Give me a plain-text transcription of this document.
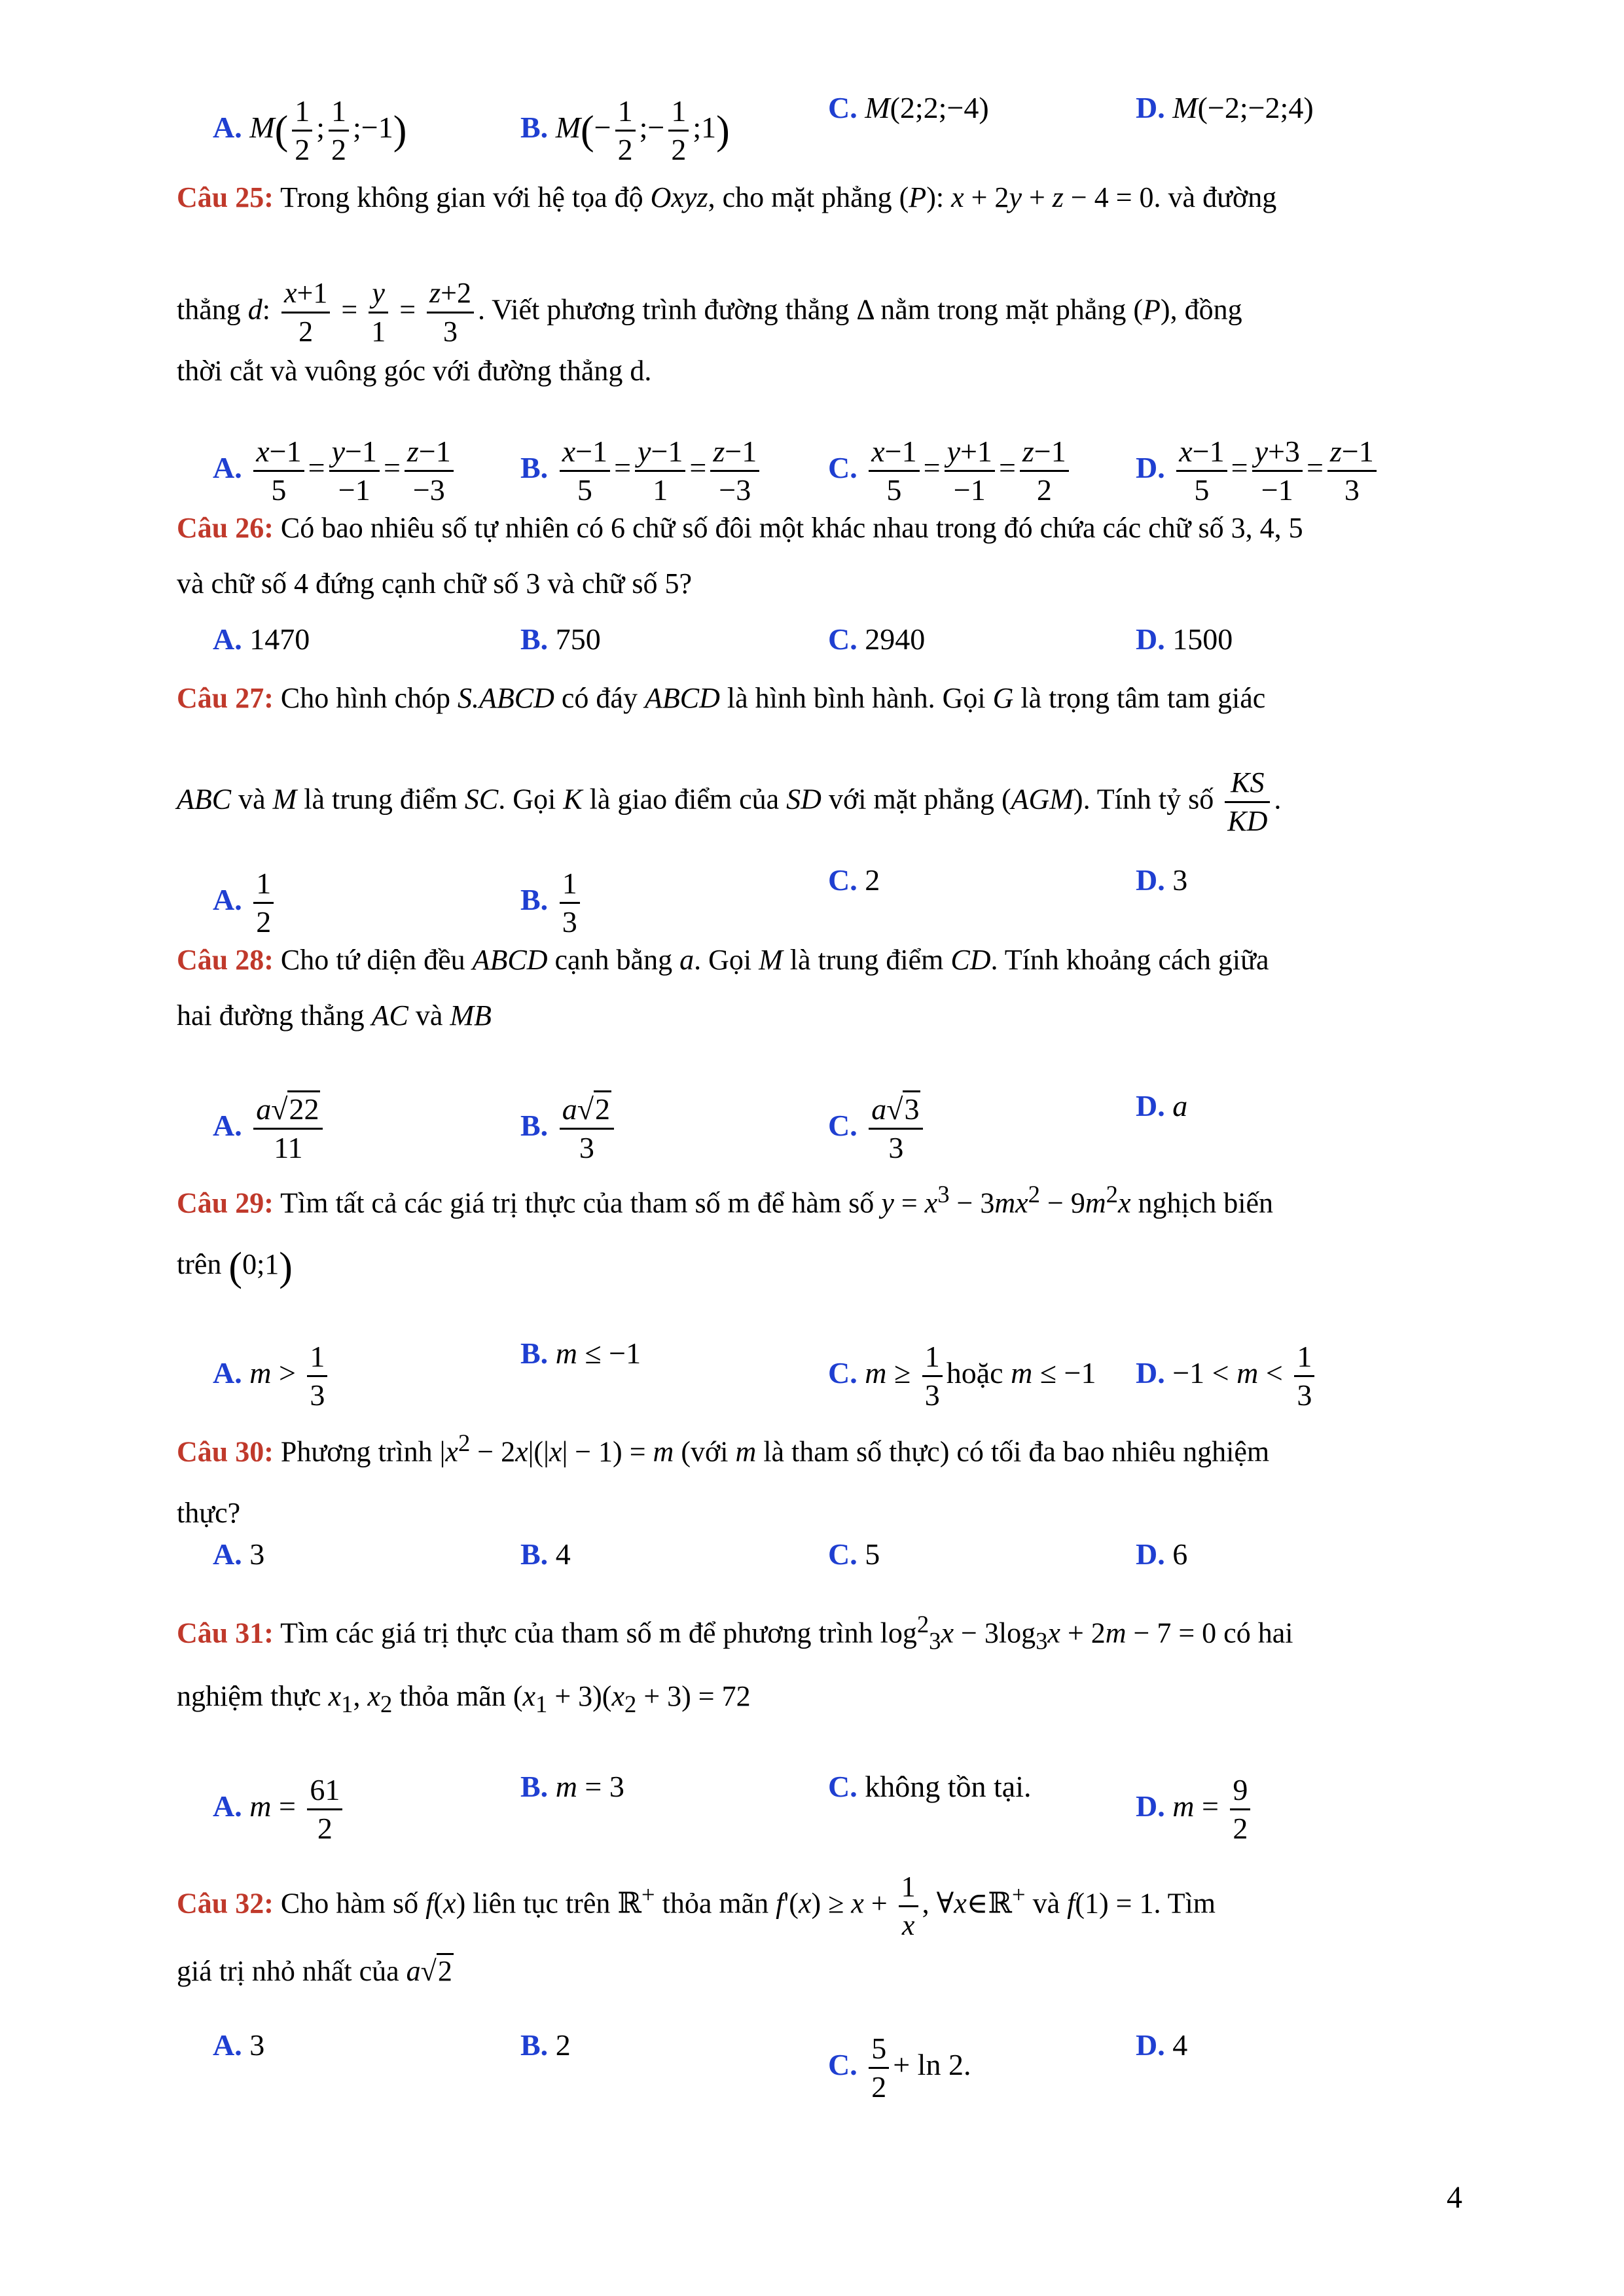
A. $M( \frac{1}{2}$ ; $\frac{1}{2}$ ;−1)	B. $M(- \frac{1}{2}$ ;− $\frac{1}{2}$ ;1)
C. M(2;2;−4)	D. M(−2;−2;4)
Câu 25: Trong không gian với hệ tọa độ Oxyz, cho mặt phẳng (P): x + 2y + z − 4 = 0. và đường
thẳng d: $\frac{x+1}{2} = \frac{y}{1} = \frac{z+2}{3}$ . Viết phương trình đường thẳng Δ nằm trong mặt phẳng (P), đồng
thời cắt và vuông góc với đường thẳng d.
A. $\frac{x-1}{5} = \frac{y-1}{-1} = \frac{z-1}{-3} B$. $\frac{x-1}{5} = \frac{y-1}{1} = \frac{z-1}{-3} C$. $\frac{x-1}{5} = \frac{y+1}{-1} = \frac{z-1}{2} D$. $\frac{x-1}{5} = \frac{y+3}{-1} = \frac{z-1}{3}$
Câu 26: Có bao nhiêu số tự nhiên có 6 chữ số đôi một khác nhau trong đó chứa các chữ số 3, 4, 5
và chữ số 4 đứng cạnh chữ số 3 và chữ số 5?
A. 1470	B. 750	C. 2940	D. 1500
Câu 27: Cho hình chóp S.ABCD có đáy ABCD là hình bình hành. Gọi G là trọng tâm tam giác
ABC và M là trung điểm SC. Gọi K là giao điểm của SD với mặt phẳng (AGM). Tính tỷ số $\frac{KS}{KD}$ .
A. $\frac{1}{2}$	B. $\frac{1}{3}$	C. 2	D. 3
Câu 28: Cho tứ diện đều ABCD cạnh bằng a. Gọi M là trung điểm CD. Tính khoảng cách giữa
hai đường thẳng AC và MB
A. $\frac{a√22}{11}$	B. $\frac{a√2}{3}$	C. $\frac{a√3}{3}$	D. a
Câu 29: Tìm tất cả các giá trị thực của tham số m để hàm số $y = x^3 - 3mx^2 - 9m^2x$ nghịch biến
trên (0;1)
A. $m > \frac{1}{3}$	B. m ≤ −1
C. $m \ge \frac{1}{3}$ hoặc m ≤ −1 D. $-1 < m < \frac{1}{3}$
Câu 30: Phương trình $|x^2 - 2x|(|x| - 1) = m$ (với m là tham số thực) có tối đa bao nhiêu nghiệm
thực?
A. 3	B. 4	C. 5	D. 6
Câu 31: Tìm các giá trị thực của tham số m để phương trình $\log^2_3x - 3\log_3x + 2m - 7 = 0$ có hai
nghiệm thực $x_1$, $x_2$ thỏa mãn $(x_1 + 3)(x_2 + 3) = 72$
A. $m = \frac{61}{2}$	B. m = 3	C. không tồn tại.
D. $m = \frac{9}{2}$
Câu 32: Cho hàm số f(x) liên tục trên ℝ+ thỏa mãn $f'(x) \ge x + \frac{1}{x}$ , ∀x∈ℝ+ và f(1) = 1. Tìm
giá trị nhỏ nhất của a√2
A. 3	B. 2
C. $\frac{5}{2} + \ln 2$.
D. 4
4
